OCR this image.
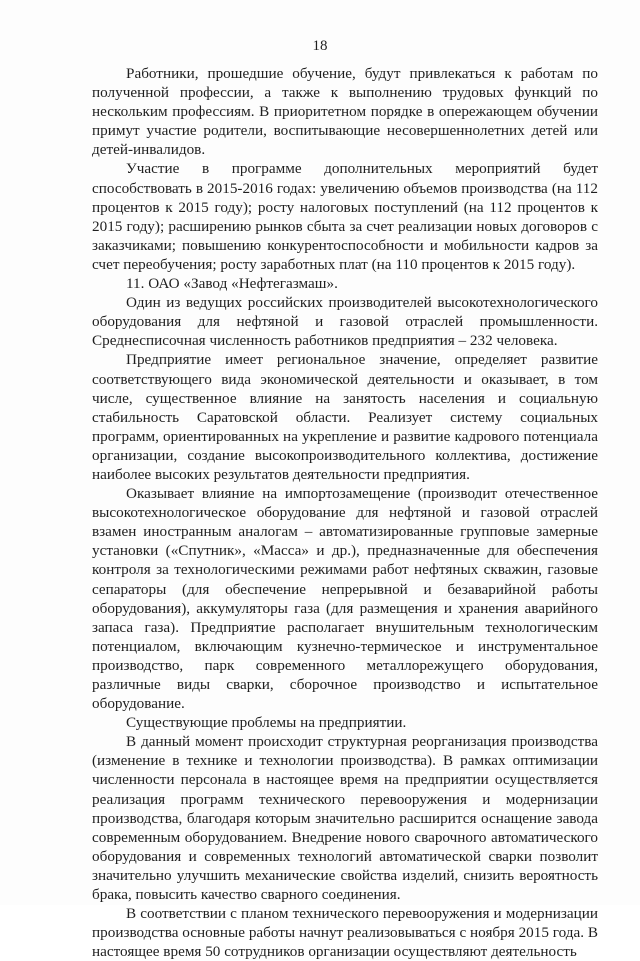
18

Работники, прошедшие обучение, будут привлекаться к работам по полученной профессии, а также к выполнению трудовых функций по нескольким профессиям. В приоритетном порядке в опережающем обучении примут участие родители, воспитывающие несовершеннолетних детей или детей-инвалидов.

Участие в программе дополнительных мероприятий будет способствовать в 2015-2016 годах: увеличению объемов производства (на 112 процентов к 2015 году); росту налоговых поступлений (на 112 процентов к 2015 году); расширению рынков сбыта за счет реализации новых договоров с заказчиками; повышению конкурентоспособности и мобильности кадров за счет переобучения; росту заработных плат (на 110 процентов к 2015 году).

11. ОАО «Завод «Нефтегазмаш».

Один из ведущих российских производителей высокотехнологического оборудования для нефтяной и газовой отраслей промышленности. Среднесписочная численность работников предприятия – 232 человека.

Предприятие имеет региональное значение, определяет развитие соответствующего вида экономической деятельности и оказывает, в том числе, существенное влияние на занятость населения и социальную стабильность Саратовской области. Реализует систему социальных программ, ориентированных на укрепление и развитие кадрового потенциала организации, создание высокопроизводительного коллектива, достижение наиболее высоких результатов деятельности предприятия.

Оказывает влияние на импортозамещение (производит отечественное высокотехнологическое оборудование для нефтяной и газовой отраслей взамен иностранным аналогам – автоматизированные групповые замерные установки («Спутник», «Масса» и др.), предназначенные для обеспечения контроля за технологическими режимами работ нефтяных скважин, газовые сепараторы (для обеспечение непрерывной и безаварийной работы оборудования), аккумуляторы газа (для размещения и хранения аварийного запаса газа). Предприятие располагает внушительным технологическим потенциалом, включающим кузнечно-термическое и инструментальное производство, парк современного металлорежущего оборудования, различные виды сварки, сборочное производство и испытательное оборудование.

Существующие проблемы на предприятии.

В данный момент происходит структурная реорганизация производства (изменение в технике и технологии производства). В рамках оптимизации численности персонала в настоящее время на предприятии осуществляется реализация программ технического перевооружения и модернизации производства, благодаря которым значительно расширится оснащение завода современным оборудованием. Внедрение нового сварочного автоматического оборудования и современных технологий автоматической сварки позволит значительно улучшить механические свойства изделий, снизить вероятность брака, повысить качество сварного соединения.

В соответствии с планом технического перевооружения и модернизации производства основные работы начнут реализовываться с ноября 2015 года. В настоящее время 50 сотрудников организации осуществляют деятельность
